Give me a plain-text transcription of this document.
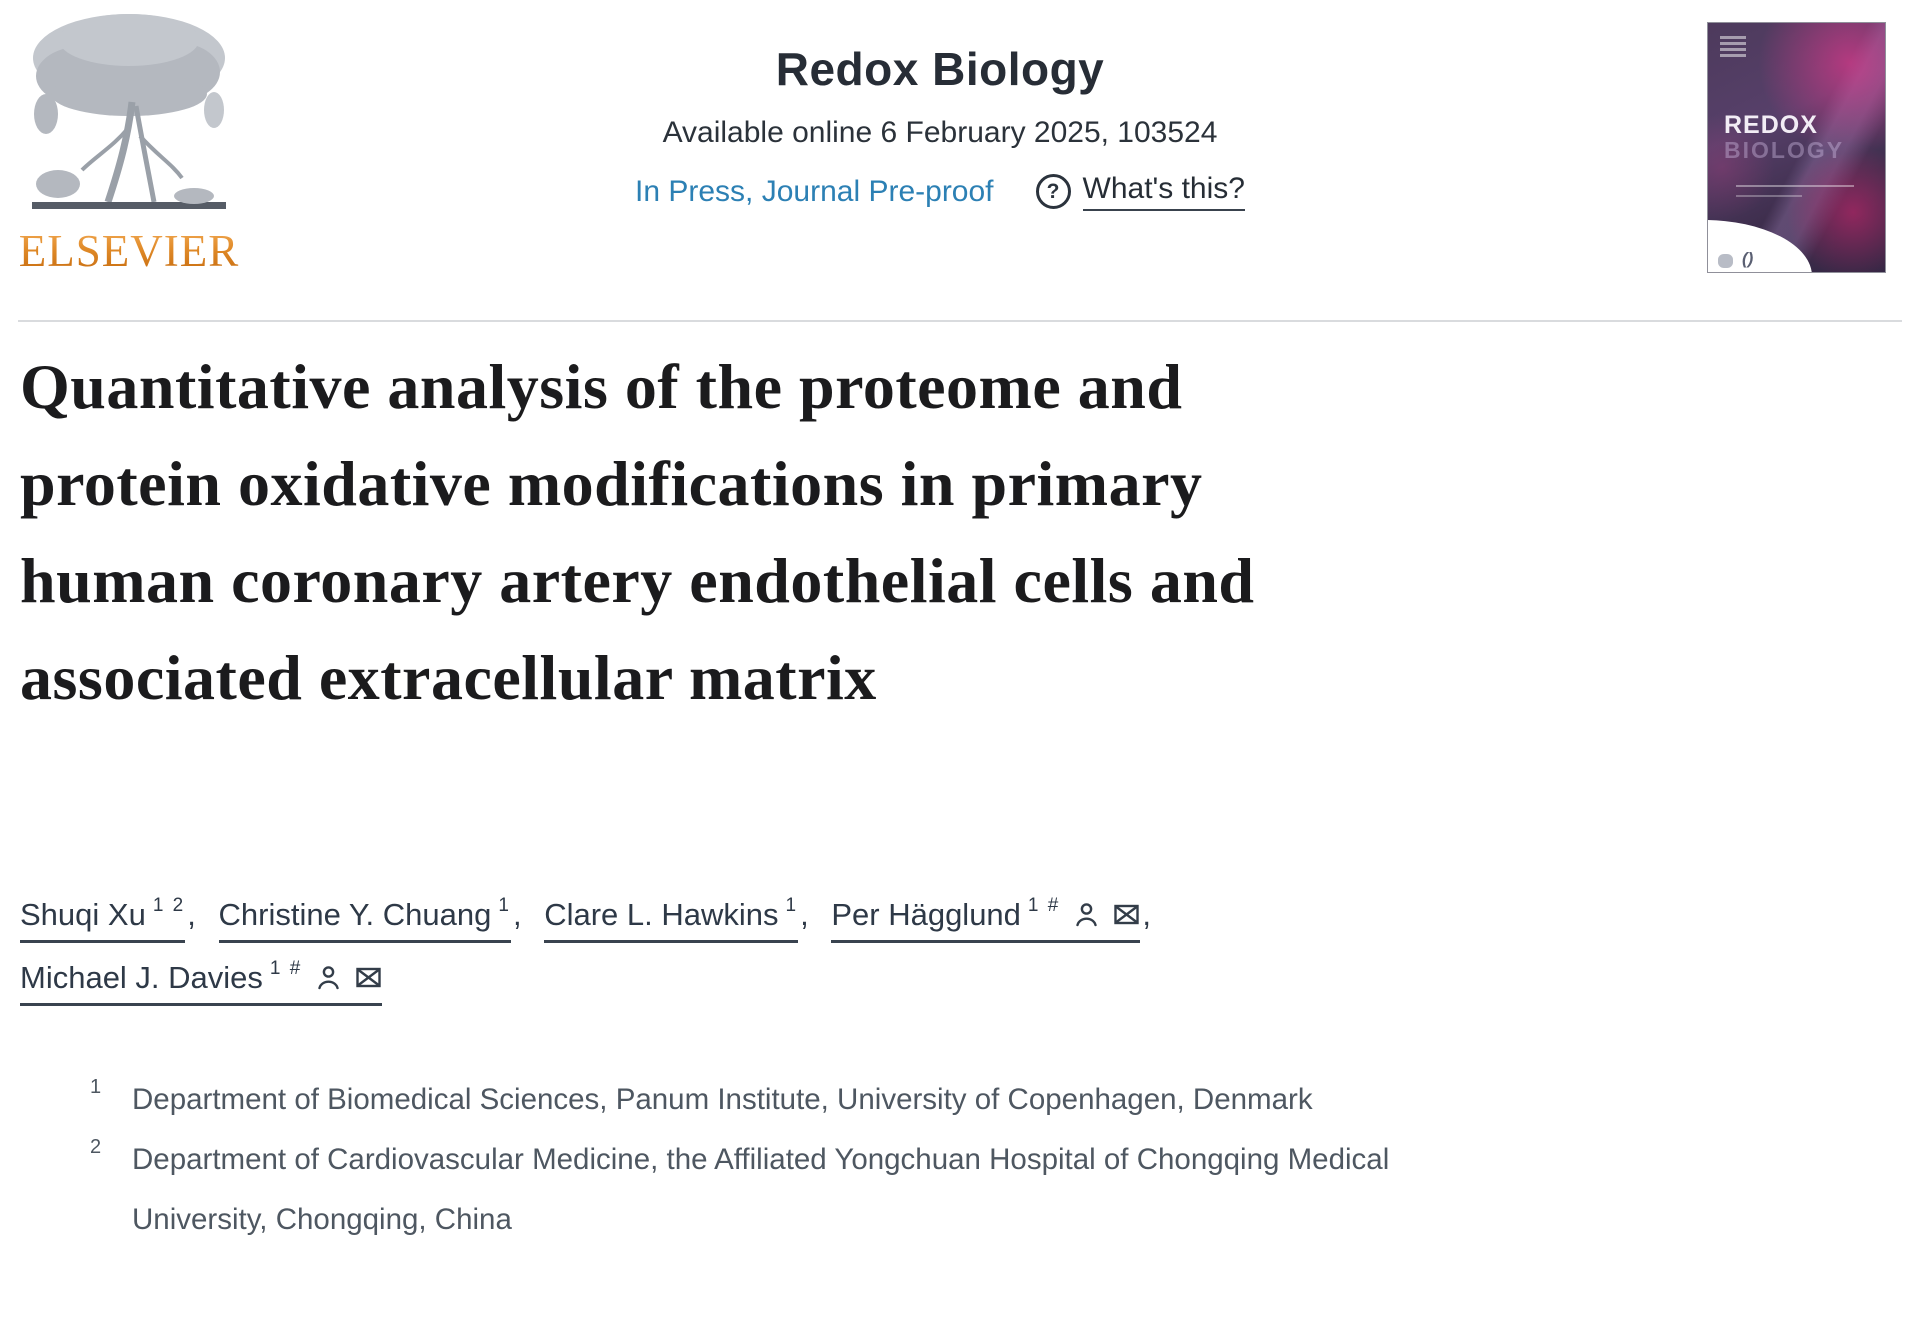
ELSEVIER
Redox Biology
Available online 6 February 2025, 103524
In Press, Journal Pre-proof	? What's this?
REDOX
BIOLOGY
()
Quantitative analysis of the proteome and
protein oxidative modifications in primary
human coronary artery endothelial cells and
associated extracellular matrix
Shuqi Xu $^{1 2}$, Christine Y. Chuang $^1$, Clare L. Hawkins $^1$, Per Hägglund $^{1 \#}$	,
Michael J. Davies $^{1 \#}$
1	Department of Biomedical Sciences, Panum Institute, University of Copenhagen, Denmark
2	Department of Cardiovascular Medicine, the Affiliated Yongchuan Hospital of Chongqing Medical University, Chongqing, China
